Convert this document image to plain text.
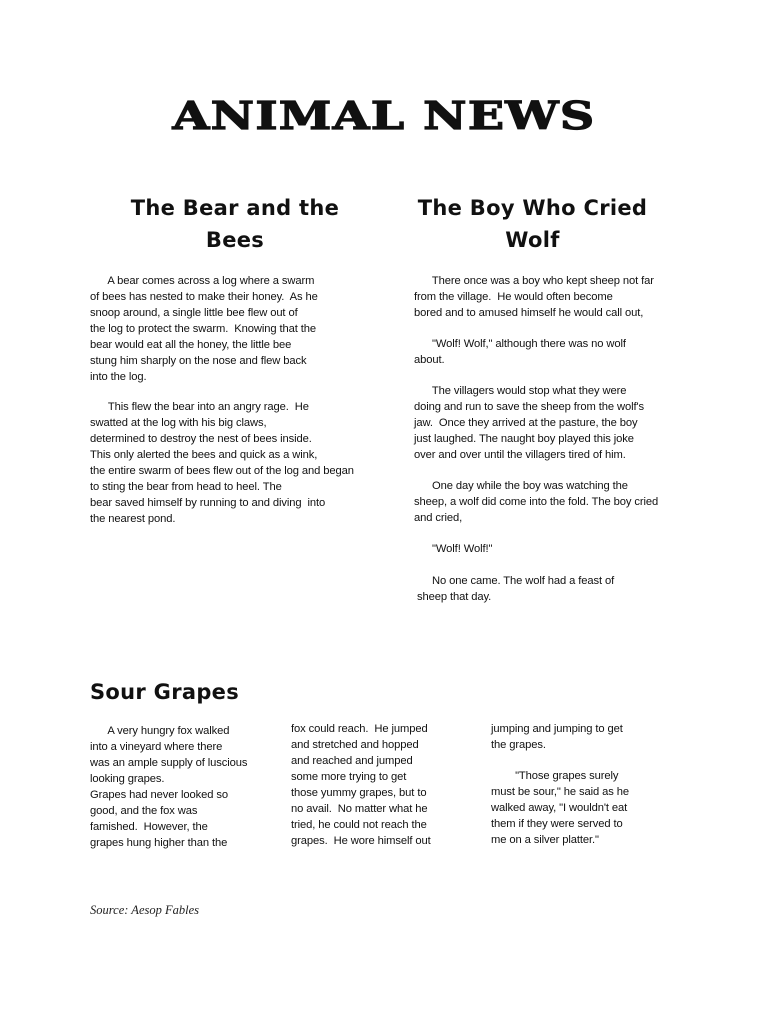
ANIMAL NEWS
The Bear and the
Bees

A bear comes across a log where a swarm
of bees has nested to make their honey.  As he
snoop around, a single little bee flew out of
the log to protect the swarm.  Knowing that the
bear would eat all the honey, the little bee
stung him sharply on the nose and flew back
into the log.

This flew the bear into an angry rage.  He
swatted at the log with his big claws,
determined to destroy the nest of bees inside.
This only alerted the bees and quick as a wink,
the entire swarm of bees flew out of the log and began
to sting the bear from head to heel. The
bear saved himself by running to and diving  into
the nearest pond.

The Boy Who Cried
Wolf

There once was a boy who kept sheep not far
from the village.  He would often become
bored and to amused himself he would call out,

"Wolf! Wolf," although there was no wolf
about.

The villagers would stop what they were
doing and run to save the sheep from the wolf's
jaw.  Once they arrived at the pasture, the boy
just laughed. The naught boy played this joke
over and over until the villagers tired of him.

One day while the boy was watching the
sheep, a wolf did come into the fold. The boy cried
and cried,

"Wolf! Wolf!"

No one came. The wolf had a feast of
sheep that day.

Sour Grapes

A very hungry fox walked
into a vineyard where there
was an ample supply of luscious
looking grapes.
Grapes had never looked so
good, and the fox was
famished.  However, the
grapes hung higher than the

fox could reach.  He jumped
and stretched and hopped
and reached and jumped
some more trying to get
those yummy grapes, but to
no avail.  No matter what he
tried, he could not reach the
grapes.  He wore himself out

jumping and jumping to get
the grapes.

"Those grapes surely
must be sour," he said as he
walked away, "I wouldn't eat
them if they were served to
me on a silver platter."

Source: Aesop Fables
